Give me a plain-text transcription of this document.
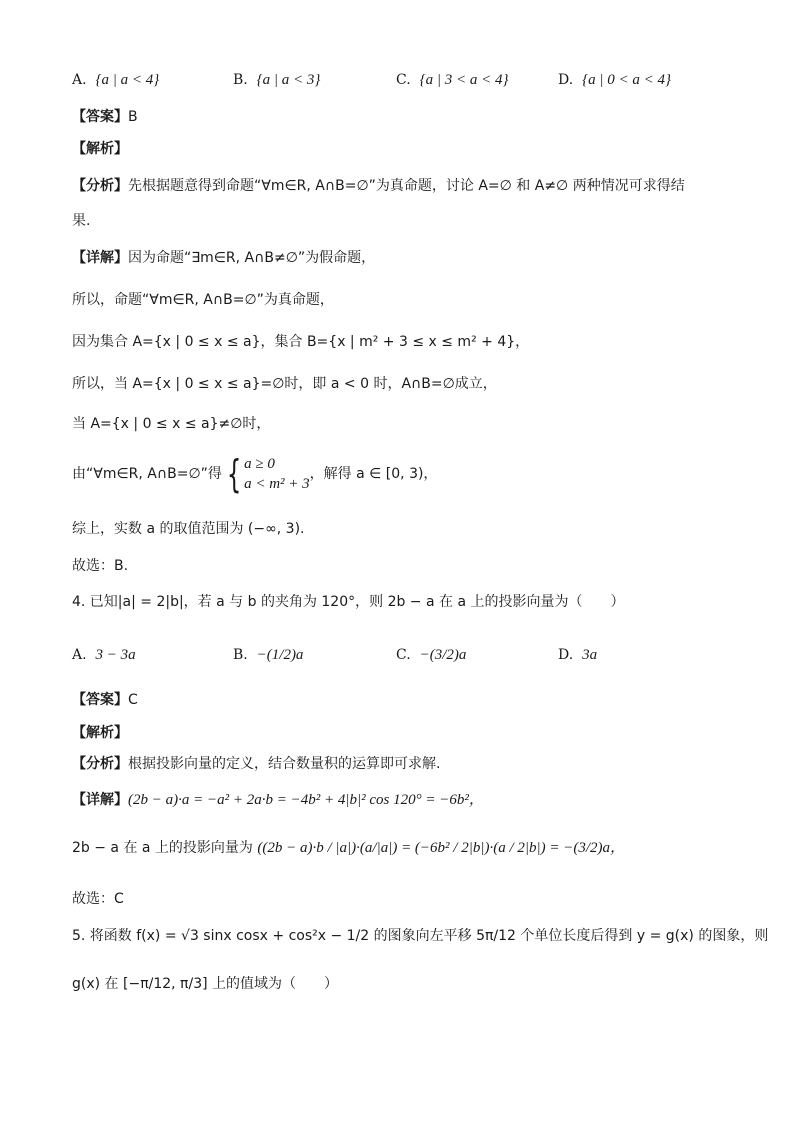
A. {a | a < 4}	B. {a | a < 3}	C. {a | 3 < a < 4}	D. {a | 0 < a < 4}
【答案】B
【解析】
【分析】先根据题意得到命题“∀m∈R, A∩B=∅”为真命题，讨论 A=∅ 和 A≠∅ 两种情况可求得结
果.
【详解】因为命题“∃m∈R, A∩B≠∅”为假命题，
所以，命题“∀m∈R, A∩B=∅”为真命题，
因为集合 A={x | 0 ≤ x ≤ a}，集合 B={x | m² + 3 ≤ x ≤ m² + 4}，
所以，当 A={x | 0 ≤ x ≤ a}=∅时，即 a < 0 时，A∩B=∅成立，
当 A={x | 0 ≤ x ≤ a}≠∅时，
由“∀m∈R, A∩B=∅”得 { a ≥ 0
a < m² + 3
，解得 a ∈ [0, 3)，
综上，实数 a 的取值范围为 (−∞, 3).
故选：B.
4. 已知|a| = 2|b|，若 a 与 b 的夹角为 120°，则 2b − a 在 a 上的投影向量为（　　）
A. 3 − 3a	B. −(1/2)a	C. −(3/2)a	D. 3a
【答案】C
【解析】
【分析】根据投影向量的定义，结合数量积的运算即可求解.
【详解】(2b − a)·a = −a² + 2a·b = −4b² + 4|b|² cos 120° = −6b²，
2b − a 在 a 上的投影向量为 ((2b − a)·b / |a|)·(a/|a|) = (−6b² / 2|b|)·(a / 2|b|) = −(3/2)a，
故选：C
5. 将函数 f(x) = √3 sinx cosx + cos²x − 1/2 的图象向左平移 5π/12 个单位长度后得到 y = g(x) 的图象，则
g(x) 在 [−π/12, π/3] 上的值域为（　　）
